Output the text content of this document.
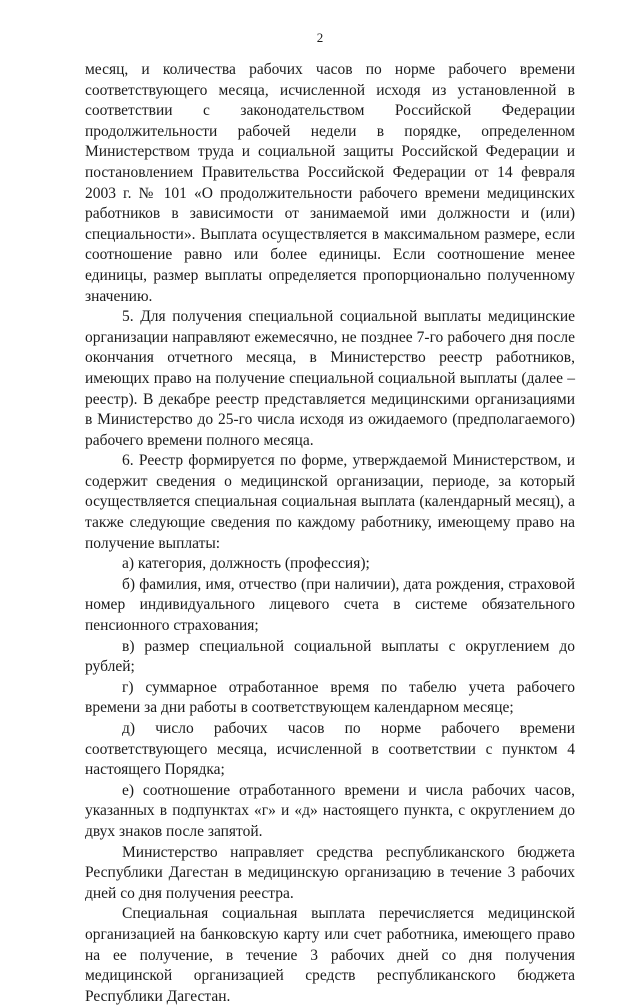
2

месяц, и количества рабочих часов по норме рабочего времени соответствующего месяца, исчисленной исходя из установленной в соответствии с законодательством Российской Федерации продолжительности рабочей недели в порядке, определенном Министерством труда и социальной защиты Российской Федерации и постановлением Правительства Российской Федерации от 14 февраля 2003 г. № 101 «О продолжительности рабочего времени медицинских работников в зависимости от занимаемой ими должности и (или) специальности». Выплата осуществляется в максимальном размере, если соотношение равно или более единицы. Если соотношение менее единицы, размер выплаты определяется пропорционально полученному значению.

5. Для получения специальной социальной выплаты медицинские организации направляют ежемесячно, не позднее 7-го рабочего дня после окончания отчетного месяца, в Министерство реестр работников, имеющих право на получение специальной социальной выплаты (далее – реестр). В декабре реестр представляется медицинскими организациями в Министерство до 25-го числа исходя из ожидаемого (предполагаемого) рабочего времени полного месяца.

6. Реестр формируется по форме, утверждаемой Министерством, и содержит сведения о медицинской организации, периоде, за который осуществляется специальная социальная выплата (календарный месяц), а также следующие сведения по каждому работнику, имеющему право на получение выплаты:

а) категория, должность (профессия);

б) фамилия, имя, отчество (при наличии), дата рождения, страховой номер индивидуального лицевого счета в системе обязательного пенсионного страхования;

в) размер специальной социальной выплаты с округлением до рублей;

г) суммарное отработанное время по табелю учета рабочего времени за дни работы в соответствующем календарном месяце;

д) число рабочих часов по норме рабочего времени соответствующего месяца, исчисленной в соответствии с пунктом 4 настоящего Порядка;

е) соотношение отработанного времени и числа рабочих часов, указанных в подпунктах «г» и «д» настоящего пункта, с округлением до двух знаков после запятой.

Министерство направляет средства республиканского бюджета Республики Дагестан в медицинскую организацию в течение 3 рабочих дней со дня получения реестра.

Специальная социальная выплата перечисляется медицинской организацией на банковскую карту или счет работника, имеющего право на ее получение, в течение 3 рабочих дней со дня получения медицинской организацией средств республиканского бюджета Республики Дагестан.
